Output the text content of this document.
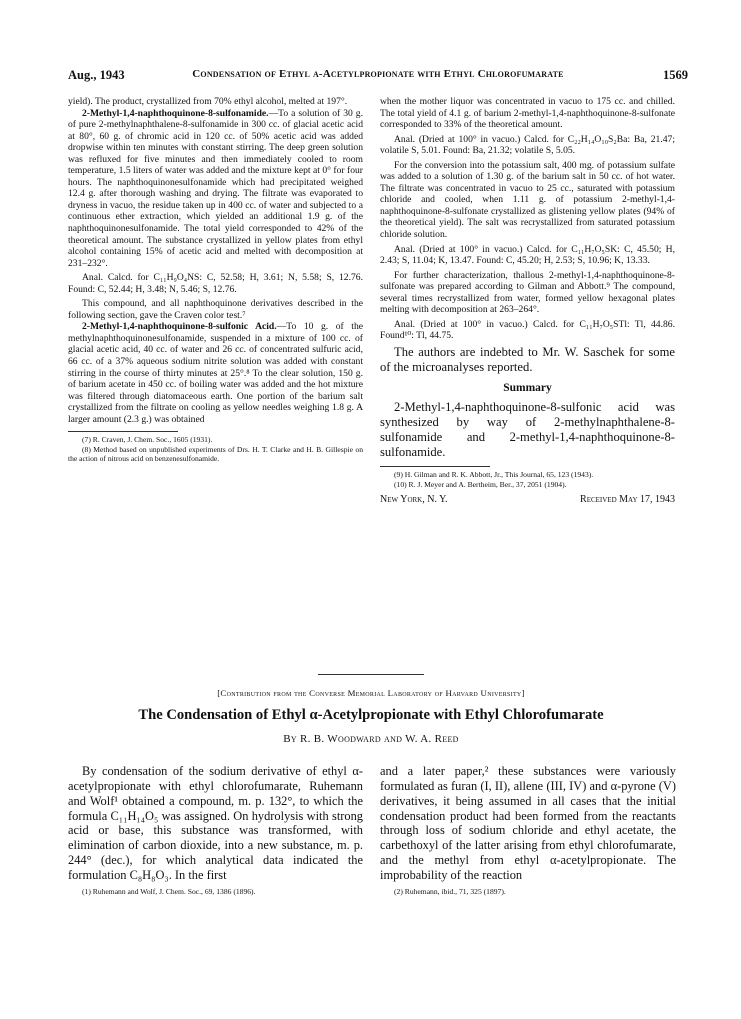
Aug., 1943	Condensation of Ethyl α-Acetylpropionate with Ethyl Chlorofumarate	1569

yield). The product, crystallized from 70% ethyl alcohol, melted at 197°.

2-Methyl-1,4-naphthoquinone-8-sulfonamide.—To a solution of 30 g. of pure 2-methylnaphthalene-8-sulfonamide in 300 cc. of glacial acetic acid at 80°, 60 g. of chromic acid in 120 cc. of 50% acetic acid was added dropwise within ten minutes with constant stirring. The deep green solution was refluxed for five minutes and then immediately cooled to room temperature, 1.5 liters of water was added and the mixture kept at 0° for four hours. The naphthoquinonesulfonamide which had precipitated weighed 12.4 g. after thorough washing and drying. The filtrate was evaporated to dryness in vacuo, the residue taken up in 400 cc. of water and subjected to a continuous ether extraction, which yielded an additional 1.9 g. of the naphthoquinonesulfonamide. The total yield corresponded to 42% of the theoretical amount. The substance crystallized in yellow plates from ethyl alcohol containing 15% of acetic acid and melted with decomposition at 231–232°.

Anal. Calcd. for C₁₁H₉O₄NS: C, 52.58; H, 3.61; N, 5.58; S, 12.76. Found: C, 52.44; H, 3.48; N, 5.46; S, 12.76.

This compound, and all naphthoquinone derivatives described in the following section, gave the Craven color test.⁷

2-Methyl-1,4-naphthoquinone-8-sulfonic Acid.—To 10 g. of the methylnaphthoquinonesulfonamide, suspended in a mixture of 100 cc. of glacial acetic acid, 40 cc. of water and 26 cc. of concentrated sulfuric acid, 66 cc. of a 37% aqueous sodium nitrite solution was added with constant stirring in the course of thirty minutes at 25°.⁸ To the clear solution, 150 g. of barium acetate in 450 cc. of boiling water was added and the hot mixture was filtered through diatomaceous earth. One portion of the barium salt crystallized from the filtrate on cooling as yellow needles weighing 1.8 g. A larger amount (2.3 g.) was obtained

(7) R. Craven, J. Chem. Soc., 1605 (1931).

(8) Method based on unpublished experiments of Drs. H. T. Clarke and H. B. Gillespie on the action of nitrous acid on benzenesulfonamide.

when the mother liquor was concentrated in vacuo to 175 cc. and chilled. The total yield of 4.1 g. of barium 2-methyl-1,4-naphthoquinone-8-sulfonate corresponded to 33% of the theoretical amount.

Anal. (Dried at 100° in vacuo.) Calcd. for C₂₂H₁₄O₁₀S₂Ba: Ba, 21.47; volatile S, 5.01. Found: Ba, 21.32; volatile S, 5.05.

For the conversion into the potassium salt, 400 mg. of potassium sulfate was added to a solution of 1.30 g. of the barium salt in 50 cc. of hot water. The filtrate was concentrated in vacuo to 25 cc., saturated with potassium chloride and cooled, when 1.11 g. of potassium 2-methyl-1,4-naphthoquinone-8-sulfonate crystallized as glistening yellow plates (94% of the theoretical yield). The salt was recrystallized from saturated potassium chloride solution.

Anal. (Dried at 100° in vacuo.) Calcd. for C₁₁H₇O₅SK: C, 45.50; H, 2.43; S, 11.04; K, 13.47. Found: C, 45.20; H, 2.53; S, 10.96; K, 13.33.

For further characterization, thallous 2-methyl-1,4-naphthoquinone-8-sulfonate was prepared according to Gilman and Abbott.⁹ The compound, several times recrystallized from water, formed yellow hexagonal plates melting with decomposition at 263–264°.

Anal. (Dried at 100° in vacuo.) Calcd. for C₁₁H₇O₅STl: Tl, 44.86. Found¹⁰: Tl, 44.75.

The authors are indebted to Mr. W. Saschek for some of the microanalyses reported.

Summary

2-Methyl-1,4-naphthoquinone-8-sulfonic acid was synthesized by way of 2-methylnaphthalene-8-sulfonamide and 2-methyl-1,4-naphthoquinone-8-sulfonamide.

(9) H. Gilman and R. K. Abbott, Jr., This Journal, 65, 123 (1943).

(10) R. J. Meyer and A. Bertheim, Ber., 37, 2051 (1904).

New York, N. Y.	Received May 17, 1943
[Contribution from the Converse Memorial Laboratory of Harvard University]
The Condensation of Ethyl α-Acetylpropionate with Ethyl Chlorofumarate
By R. B. Woodward and W. A. Reed

By condensation of the sodium derivative of ethyl α-acetylpropionate with ethyl chlorofumarate, Ruhemann and Wolf¹ obtained a compound, m. p. 132°, to which the formula C₁₁H₁₄O₅ was assigned. On hydrolysis with strong acid or base, this substance was transformed, with elimination of carbon dioxide, into a new substance, m. p. 244° (dec.), for which analytical data indicated the formulation C₈H₈O₃. In the first

(1) Ruhemann and Wolf, J. Chem. Soc., 69, 1386 (1896).

and a later paper,² these substances were variously formulated as furan (I, II), allene (III, IV) and α-pyrone (V) derivatives, it being assumed in all cases that the initial condensation product had been formed from the reactants through loss of sodium chloride and ethyl acetate, the carbethoxyl of the latter arising from ethyl chlorofumarate, and the methyl from ethyl α-acetylpropionate. The improbability of the reaction

(2) Ruhemann, ibid., 71, 325 (1897).
